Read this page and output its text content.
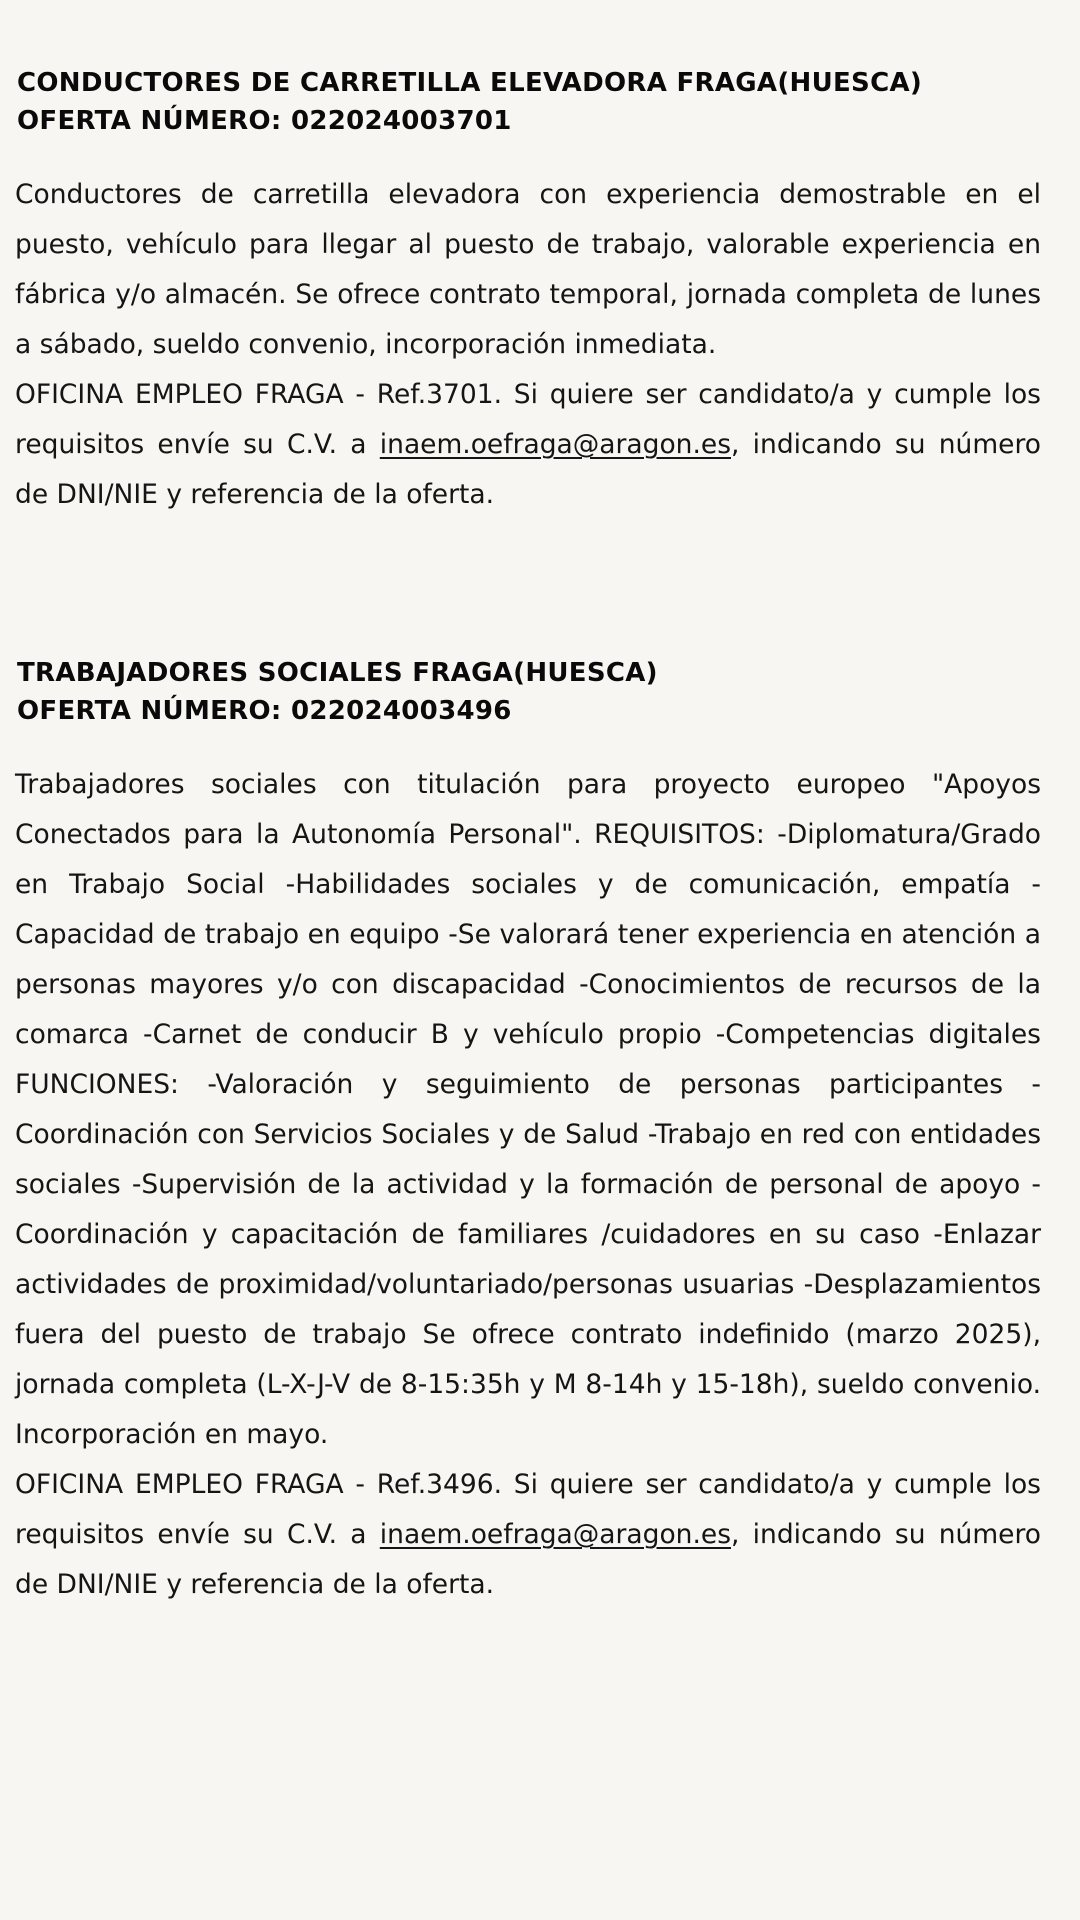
CONDUCTORES DE CARRETILLA ELEVADORA FRAGA(HUESCA)
OFERTA NÚMERO: 022024003701

Conductores de carretilla elevadora con experiencia demostrable en el puesto, vehículo para llegar al puesto de trabajo, valorable experiencia en fábrica y/o almacén. Se ofrece contrato temporal, jornada completa de lunes a sábado, sueldo convenio, incorporación inmediata.

OFICINA EMPLEO FRAGA - Ref.3701. Si quiere ser candidato/a y cumple los requisitos envíe su C.V. a inaem.oefraga@aragon.es, indicando su número de DNI/NIE y referencia de la oferta.

TRABAJADORES SOCIALES FRAGA(HUESCA)
OFERTA NÚMERO: 022024003496

Trabajadores sociales con titulación para proyecto europeo "Apoyos Conectados para la Autonomía Personal". REQUISITOS: -Diplomatura/Grado en Trabajo Social -Habilidades sociales y de comunicación, empatía -Capacidad de trabajo en equipo -Se valorará tener experiencia en atención a personas mayores y/o con discapacidad -Conocimientos de recursos de la comarca -Carnet de conducir B y vehículo propio -Competencias digitales FUNCIONES: -Valoración y seguimiento de personas participantes -Coordinación con Servicios Sociales y de Salud -Trabajo en red con entidades sociales -Supervisión de la actividad y la formación de personal de apoyo -Coordinación y capacitación de familiares /cuidadores en su caso -Enlazar actividades de proximidad/voluntariado/personas usuarias -Desplazamientos fuera del puesto de trabajo Se ofrece contrato indefinido (marzo 2025), jornada completa (L-X-J-V de 8-15:35h y M 8-14h y 15-18h), sueldo convenio. Incorporación en mayo.

OFICINA EMPLEO FRAGA - Ref.3496. Si quiere ser candidato/a y cumple los requisitos envíe su C.V. a inaem.oefraga@aragon.es, indicando su número de DNI/NIE y referencia de la oferta.
